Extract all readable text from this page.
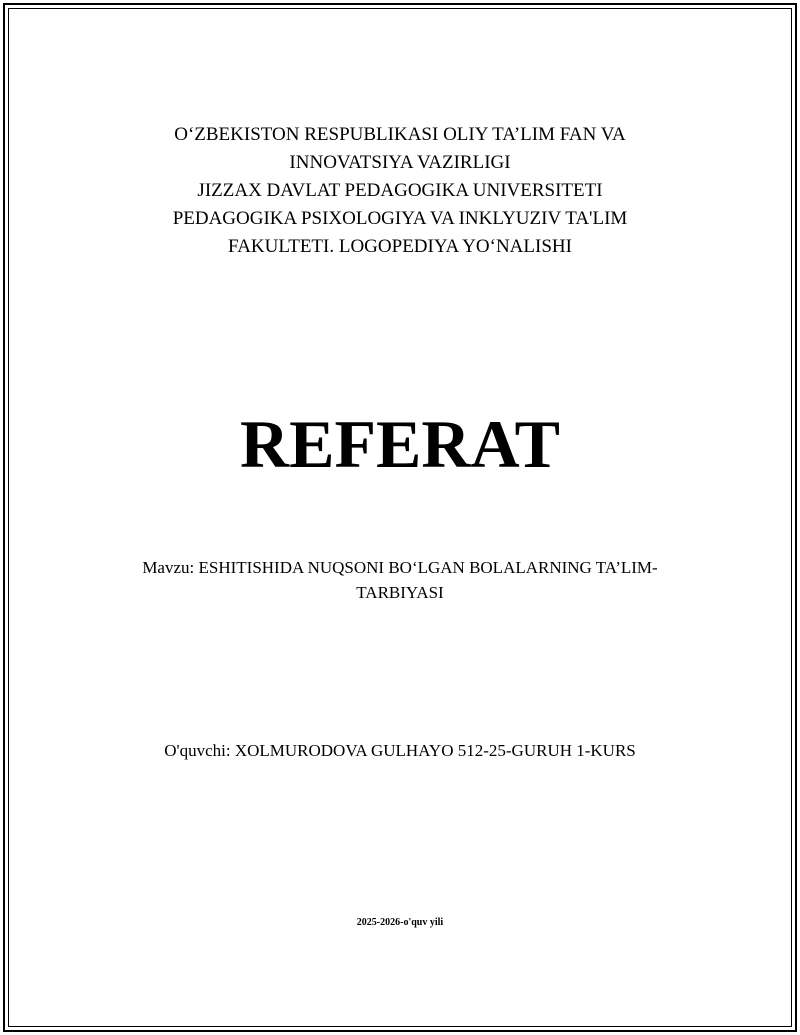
O‘ZBEKISTON RESPUBLIKASI OLIY TA’LIM FAN VA
INNOVATSIYA VAZIRLIGI
JIZZAX DAVLAT PEDAGOGIKA UNIVERSITETI
PEDAGOGIKA PSIXOLOGIYA VA INKLYUZIV TA'LIM
FAKULTETI. LOGOPEDIYA YO‘NALISHI
REFERAT
Mavzu: ESHITISHIDA NUQSONI BO‘LGAN BOLALARNING TA’LIM-
TARBIYASI
O'quvchi: XOLMURODOVA GULHAYO 512-25-GURUH 1-KURS
2025-2026-o'quv yili
